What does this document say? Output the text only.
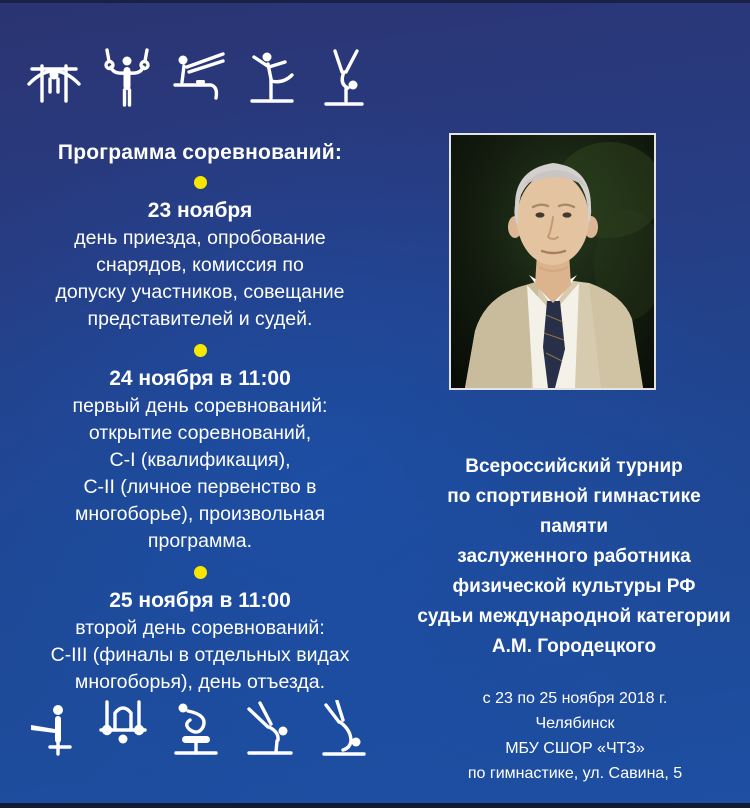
Программа соревнований:
23 ноября
день приезда, опробование
снарядов, комиссия по
допуску участников, совещание
представителей и судей.
24 ноября в 11:00
первый день соревнований:
открытие соревнований,
C-I (квалификация),
C-II (личное первенство в
многоборье), произвольная
программа.
25 ноября в 11:00
второй день соревнований:
C-III (финалы в отдельных видах
многоборья), день отъезда.
Всероссийский турнир
по спортивной гимнастике
памяти
заслуженного работника
физической культуры РФ
судьи международной категории
А.М. Городецкого
с 23 по 25 ноября 2018 г.
Челябинск
МБУ СШОР «ЧТЗ»
по гимнастике, ул. Савина, 5
